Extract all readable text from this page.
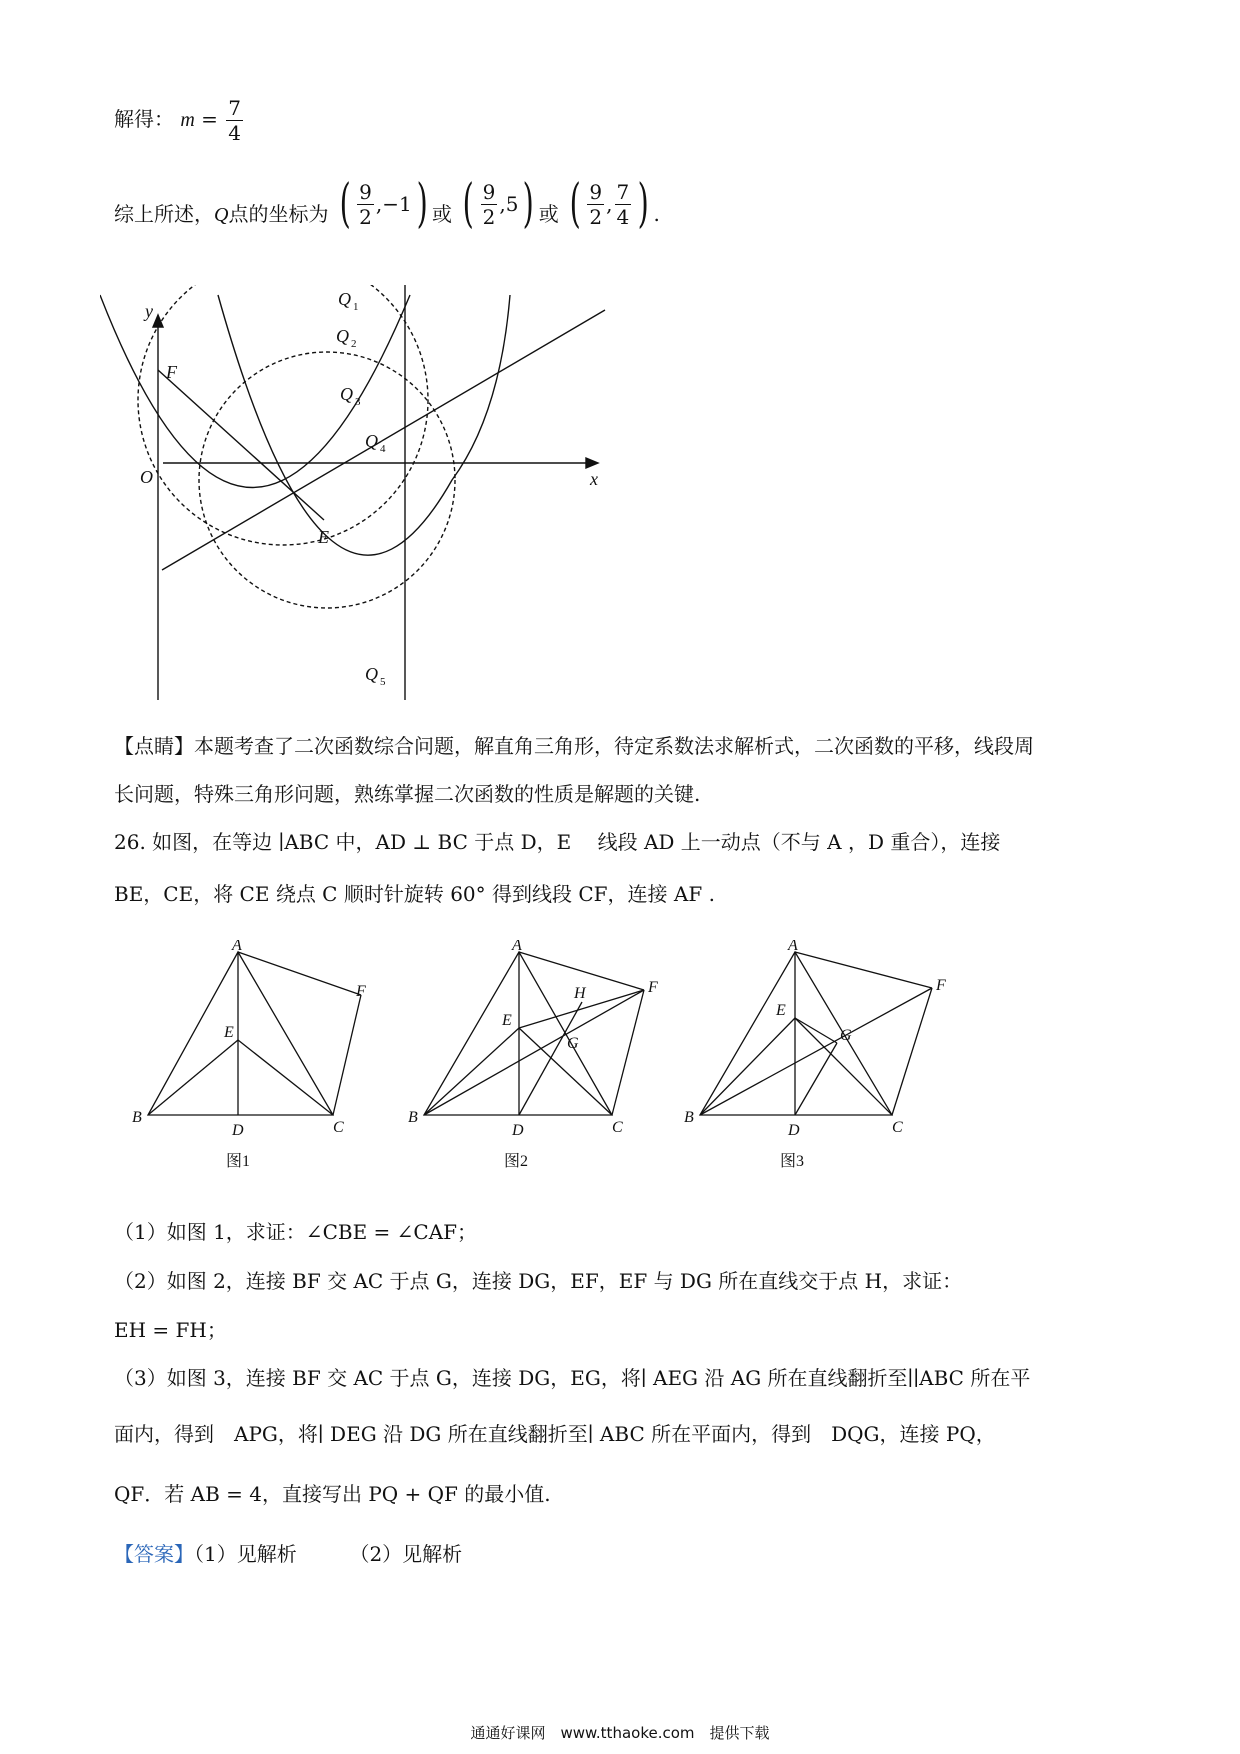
解得： $m = \frac{7}{4}$
综上所述，Q点的坐标为 ( $\frac{9}{2} ,-1$ ) 或 ( $\frac{9}{2} ,5$ ) 或 ( $\frac{9}{2}$ , $\frac{7}{4}$ ) .
y
x
O
F
E
Q 1
Q 2
Q 3
Q 4
Q 5
【点睛】本题考查了二次函数综合问题，解直角三角形，待定系数法求解析式，二次函数的平移，线段周
长问题，特殊三角形问题，熟练掌握二次函数的性质是解题的关键.
26. 如图，在等边 ∣ABC 中，AD ⊥ BC 于点 D，E　 线段 AD 上一动点（不与 A ，D 重合），连接
BE，CE，将 CE 绕点 C 顺时针旋转 60° 得到线段 CF，连接 AF .
A
B
C
D
E
F
图1
A
B
C
D
E
F
G
H
图2
A
B
C
D
E
F
G
图3
（1）如图 1，求证：∠CBE = ∠CAF；
（2）如图 2，连接 BF 交 AC 于点 G，连接 DG，EF，EF 与 DG 所在直线交于点 H，求证：
EH = FH；
（3）如图 3，连接 BF 交 AC 于点 G，连接 DG，EG，将∣ AEG 沿 AG 所在直线翻折至∣∣ABC 所在平
面内，得到　APG，将∣ DEG 沿 DG 所在直线翻折至∣ ABC 所在平面内，得到　DQG，连接 PQ，
QF．若 AB = 4，直接写出 PQ + QF 的最小值.
【答案】（1）见解析	（2）见解析
通通好课网　www.tthaoke.com　提供下载
